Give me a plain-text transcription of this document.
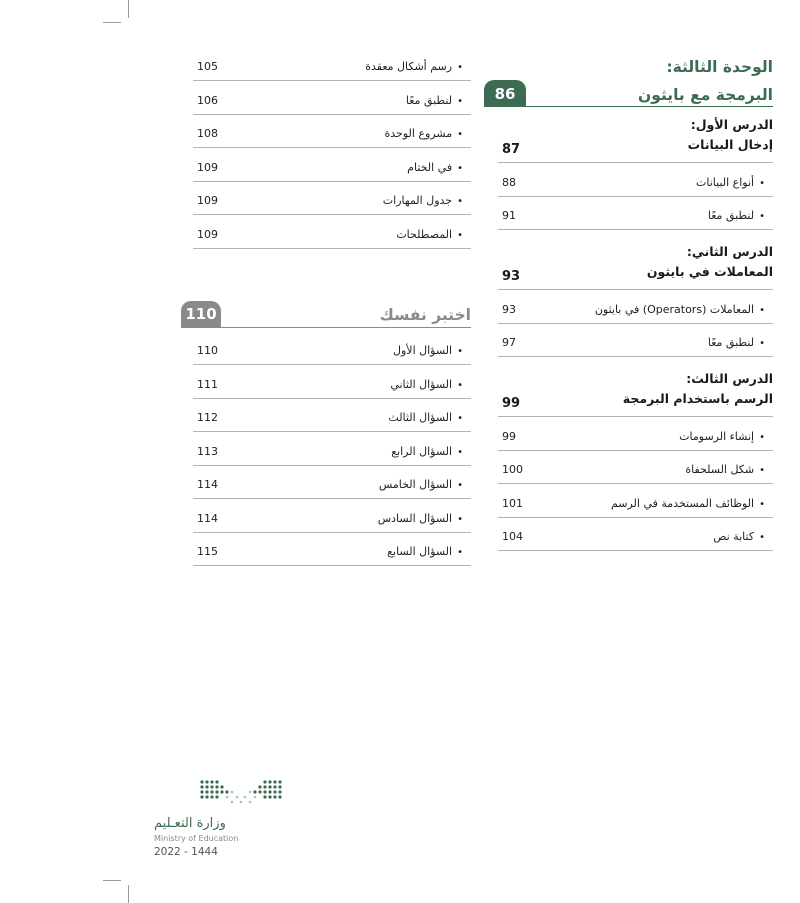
الوحدة الثالثة:
البرمجة مع بايثون
86
الدرس الأول:
إدخال البيانات
87
•أنواع البيانات
88
•لنطبق معًا
91
الدرس الثاني:
المعاملات في بايثون
93
•المعاملات (Operators) في بايثون
93
•لنطبق معًا
97
الدرس الثالث:
الرسم باستخدام البرمجة
99
•إنشاء الرسومات
99
•شكل السلحفاة
100
•الوظائف المستخدمة في الرسم
101
•كتابة نص
104
•رسم أشكال معقدة
105
•لنطبق معًا
106
•مشروع الوحدة
108
•في الختام
109
•جدول المهارات
109
•المصطلحات
109
اختبر نفسك
110
•السؤال الأول
110
•السؤال الثاني
111
•السؤال الثالث
112
•السؤال الرابع
113
•السؤال الخامس
114
•السؤال السادس
114
•السؤال السابع
115
وزارة التعـليم
Ministry of Education
2022 - 1444
